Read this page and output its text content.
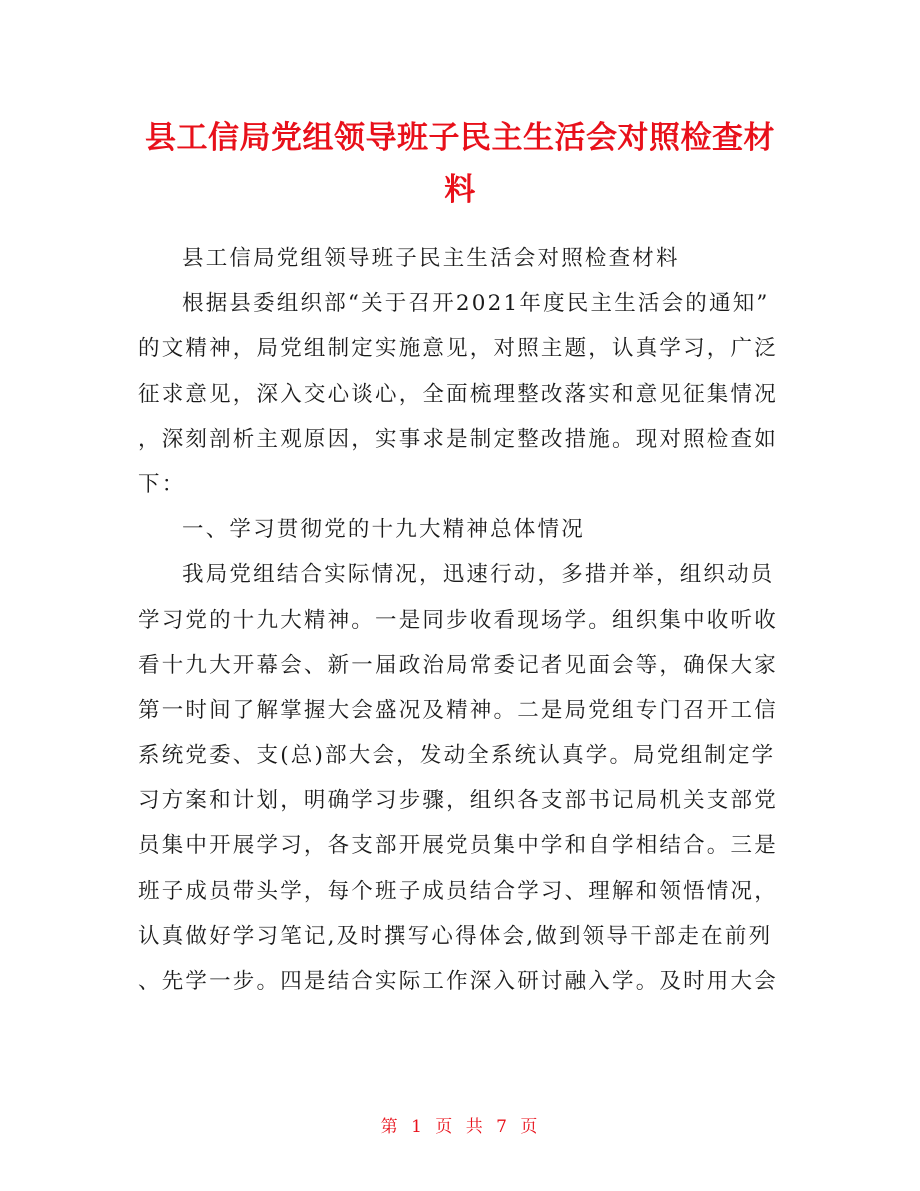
县工信局党组领导班子民主生活会对照检查材
料
县工信局党组领导班子民主生活会对照检查材料
根据县委组织部“关于召开2021年度民主生活会的通知”
的文精神，局党组制定实施意见，对照主题，认真学习，广泛
征求意见，深入交心谈心，全面梳理整改落实和意见征集情况
，深刻剖析主观原因，实事求是制定整改措施。现对照检查如
下：
一、学习贯彻党的十九大精神总体情况
我局党组结合实际情况，迅速行动，多措并举，组织动员
学习党的十九大精神。一是同步收看现场学。组织集中收听收
看十九大开幕会、新一届政治局常委记者见面会等，确保大家
第一时间了解掌握大会盛况及精神。二是局党组专门召开工信
系统党委、支(总)部大会，发动全系统认真学。局党组制定学
习方案和计划，明确学习步骤，组织各支部书记局机关支部党
员集中开展学习，各支部开展党员集中学和自学相结合。三是
班子成员带头学，每个班子成员结合学习、理解和领悟情况，
认真做好学习笔记,及时撰写心得体会,做到领导干部走在前列
、先学一步。四是结合实际工作深入研讨融入学。及时用大会
第 1 页 共 7 页
